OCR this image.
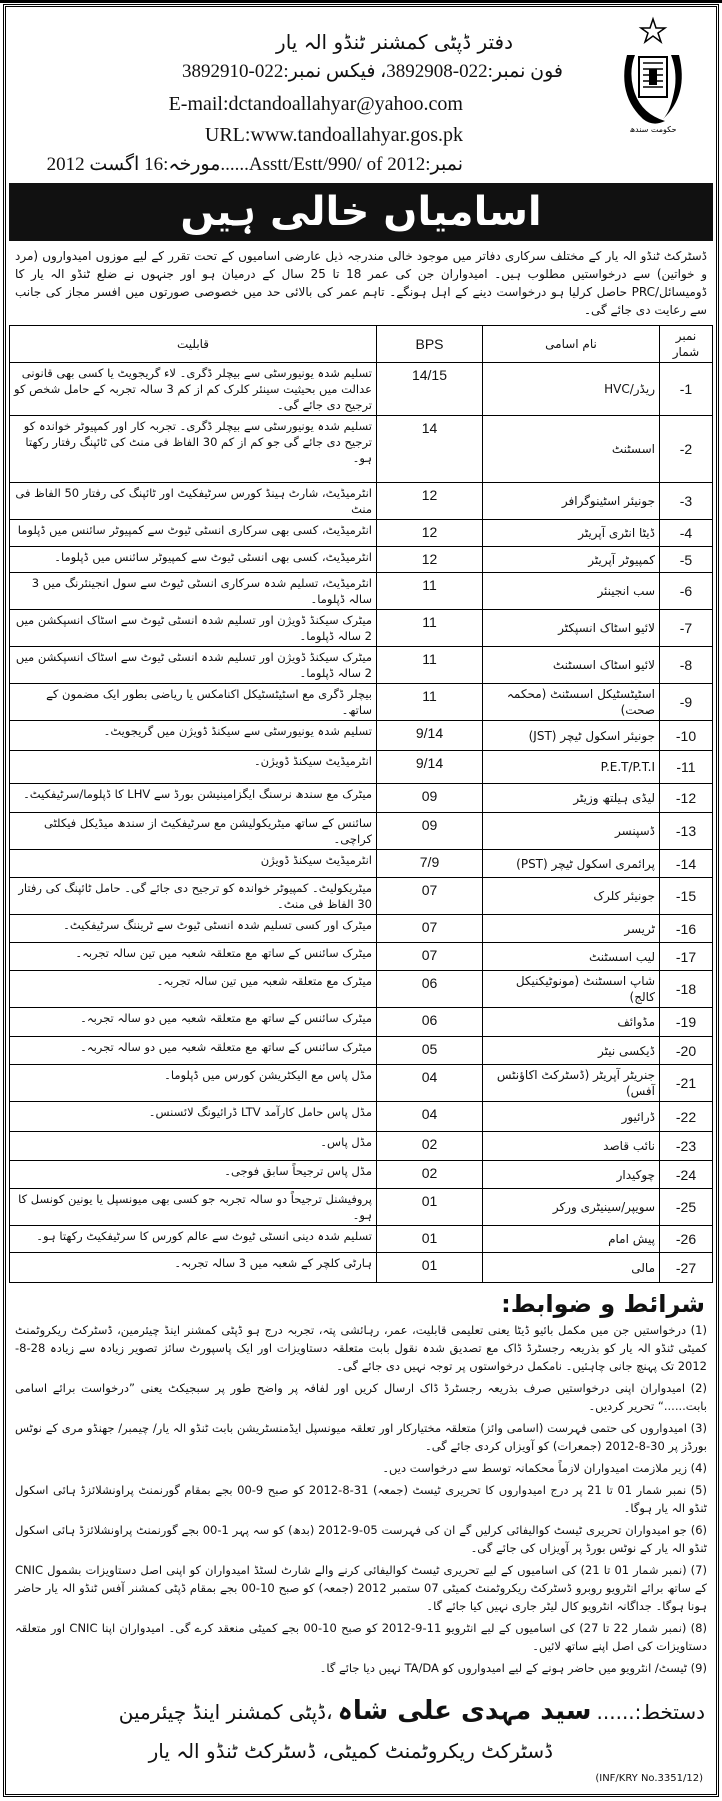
دفتر ڈپٹی کمشنر ٹنڈو الہ یار
فون نمبر:022-3892908، فیکس نمبر:022-3892910
E-mail:dctandoallahyar@yahoo.com
URL:www.tandoallahyar.gos.pk
نمبر:Asstt/Estt/990/ of 2012......مورخہ:16 اگست 2012
حکومت سندھ
اسامیاں خالی ہیں
ڈسٹرکٹ ٹنڈو الہ یار کے مختلف سرکاری دفاتر میں موجود خالی مندرجہ ذیل عارضی اسامیوں کے تحت تقرر کے لیے موزوں امیدواروں (مرد و خواتین) سے درخواستیں مطلوب ہیں۔ امیدواران جن کی عمر 18 تا 25 سال کے درمیان ہو اور جنہوں نے ضلع ٹنڈو الہ یار کا ڈومیسائل/PRC حاصل کرلیا ہو درخواست دینے کے اہل ہونگے۔ تاہم عمر کی بالائی حد میں خصوصی صورتوں میں افسر مجاز کی جانب سے رعایت دی جائے گی۔
نمبر شمار	نام اسامی	BPS	قابلیت
-1	ریڈر/HVC	14/15	تسلیم شدہ یونیورسٹی سے بیچلر ڈگری۔ لاء گریجویٹ یا کسی بھی قانونی عدالت میں بحیثیت سینئر کلرک کم از کم 3 سالہ تجربہ کے حامل شخص کو ترجیح دی جائے گی۔
-2	اسسٹنٹ	14	تسلیم شدہ یونیورسٹی سے بیچلر ڈگری۔ تجربہ کار اور کمپیوٹر خواندہ کو ترجیح دی جائے گی جو کم از کم 30 الفاظ فی منٹ کی ٹائپنگ رفتار رکھتا ہو۔
-3	جونیئر اسٹینوگرافر	12	انٹرمیڈیٹ، شارٹ ہینڈ کورس سرٹیفکیٹ اور ٹائپنگ کی رفتار 50 الفاظ فی منٹ
-4	ڈیٹا انٹری آپریٹر	12	انٹرمیڈیٹ، کسی بھی سرکاری انسٹی ٹیوٹ سے کمپیوٹر سائنس میں ڈپلوما
-5	کمپیوٹر آپریٹر	12	انٹرمیڈیٹ، کسی بھی انسٹی ٹیوٹ سے کمپیوٹر سائنس میں ڈپلوما۔
-6	سب انجینئر	11	انٹرمیڈیٹ، تسلیم شدہ سرکاری انسٹی ٹیوٹ سے سول انجینئرنگ میں 3 سالہ ڈپلوما۔
-7	لائیو اسٹاک انسپکٹر	11	میٹرک سیکنڈ ڈویژن اور تسلیم شدہ انسٹی ٹیوٹ سے اسٹاک انسپکشن میں 2 سالہ ڈپلوما۔
-8	لائیو اسٹاک اسسٹنٹ	11	میٹرک سیکنڈ ڈویژن اور تسلیم شدہ انسٹی ٹیوٹ سے اسٹاک انسپکشن میں 2 سالہ ڈپلوما۔
-9	اسٹیٹسٹیکل اسسٹنٹ (محکمہ صحت)	11	بیچلر ڈگری مع اسٹیٹسٹیکل اکنامکس یا ریاضی بطور ایک مضمون کے ساتھ۔
-10	جونیئر اسکول ٹیچر (JST)	9/14	تسلیم شدہ یونیورسٹی سے سیکنڈ ڈویژن میں گریجویٹ۔
-11	P.E.T/P.T.I	9/14	انٹرمیڈیٹ سیکنڈ ڈویژن۔
-12	لیڈی ہیلتھ وزیٹر	09	میٹرک مع سندھ نرسنگ ایگزامینیشن بورڈ سے LHV کا ڈپلوما/سرٹیفکیٹ۔
-13	ڈسپنسر	09	سائنس کے ساتھ میٹریکولیشن مع سرٹیفکیٹ از سندھ میڈیکل فیکلٹی کراچی۔
-14	پرائمری اسکول ٹیچر (PST)	7/9	انٹرمیڈیٹ سیکنڈ ڈویژن
-15	جونیئر کلرک	07	میٹریکولیٹ۔ کمپیوٹر خواندہ کو ترجیح دی جائے گی۔ حامل ٹائپنگ کی رفتار 30 الفاظ فی منٹ۔
-16	ٹریسر	07	میٹرک اور کسی تسلیم شدہ انسٹی ٹیوٹ سے ٹریننگ سرٹیفکیٹ۔
-17	لیب اسسٹنٹ	07	میٹرک سائنس کے ساتھ مع متعلقہ شعبہ میں تین سالہ تجربہ۔
-18	شاپ اسسٹنٹ (مونوٹیکنیکل کالج)	06	میٹرک مع متعلقہ شعبہ میں تین سالہ تجربہ۔
-19	مڈوائف	06	میٹرک سائنس کے ساتھ مع متعلقہ شعبہ میں دو سالہ تجربہ۔
-20	ڈیکسی نیٹر	05	میٹرک سائنس کے ساتھ مع متعلقہ شعبہ میں دو سالہ تجربہ۔
-21	جنریٹر آپریٹر (ڈسٹرکٹ اکاؤنٹس آفس)	04	مڈل پاس مع الیکٹریشن کورس میں ڈپلوما۔
-22	ڈرائیور	04	مڈل پاس حامل کارآمد LTV ڈرائیونگ لائسنس۔
-23	نائب قاصد	02	مڈل پاس۔
-24	چوکیدار	02	مڈل پاس ترجیحاً سابق فوجی۔
-25	سویپر/سینیٹری ورکر	01	پروفیشنل ترجیحاً دو سالہ تجربہ جو کسی بھی میونسپل یا یونین کونسل کا ہو۔
-26	پیش امام	01	تسلیم شدہ دینی انسٹی ٹیوٹ سے عالم کورس کا سرٹیفکیٹ رکھتا ہو۔
-27	مالی	01	ہارٹی کلچر کے شعبہ میں 3 سالہ تجربہ۔
شرائط و ضوابط:

(1) درخواستیں جن میں مکمل بائیو ڈیٹا یعنی تعلیمی قابلیت، عمر، رہائشی پتہ، تجربہ درج ہو ڈپٹی کمشنر اینڈ چیئرمین، ڈسٹرکٹ ریکروٹمنٹ کمیٹی ٹنڈو الہ یار کو بذریعہ رجسٹرڈ ڈاک مع تصدیق شدہ نقول بابت متعلقہ دستاویزات اور ایک پاسپورٹ سائز تصویر زیادہ سے زیادہ 28-8-2012 تک پہنچ جانی چاہئیں۔ نامکمل درخواستوں پر توجہ نہیں دی جائے گی۔

(2) امیدواران اپنی درخواستیں صرف بذریعہ رجسٹرڈ ڈاک ارسال کریں اور لفافہ پر واضح طور پر سبجیکٹ یعنی ”درخواست برائے اسامی بابت......“ تحریر کردیں۔

(3) امیدواروں کی حتمی فہرست (اسامی وائز) متعلقہ مختیارکار اور تعلقہ میونسپل ایڈمنسٹریشن بابت ٹنڈو الہ یار/ چیمبر/ جھنڈو مری کے نوٹس بورڈز پر 30-8-2012 (جمعرات) کو آویزاں کردی جائے گی۔

(4) زیر ملازمت امیدواران لازماً محکمانہ توسط سے درخواست دیں۔

(5) نمبر شمار 01 تا 21 پر درج امیدواروں کا تحریری ٹیسٹ (جمعہ) 31-8-2012 کو صبح 9-00 بجے بمقام گورنمنٹ پراونشلائزڈ ہائی اسکول ٹنڈو الہ یار ہوگا۔

(6) جو امیدواران تحریری ٹیسٹ کوالیفائی کرلیں گے ان کی فہرست 05-9-2012 (بدھ) کو سہ پہر 1-00 بجے گورنمنٹ پراونشلائزڈ ہائی اسکول ٹنڈو الہ یار کے نوٹس بورڈ پر آویزاں کی جائے گی۔

(7) (نمبر شمار 01 تا 21) کی اسامیوں کے لیے تحریری ٹیسٹ کوالیفائی کرنے والے شارٹ لسٹڈ امیدواران کو اپنی اصل دستاویزات بشمول CNIC کے ساتھ برائے انٹرویو روبرو ڈسٹرکٹ ریکروٹمنٹ کمیٹی 07 ستمبر 2012 (جمعہ) کو صبح 10-00 بجے بمقام ڈپٹی کمشنر آفس ٹنڈو الہ یار حاضر ہونا ہوگا۔ جداگانہ انٹرویو کال لیٹر جاری نہیں کیا جائے گا۔

(8) (نمبر شمار 22 تا 27) کی اسامیوں کے لیے انٹرویو 11-9-2012 کو صبح 10-00 بجے کمیٹی منعقد کرے گی۔ امیدواران اپنا CNIC اور متعلقہ دستاویزات کی اصل اپنے ساتھ لائیں۔

(9) ٹیسٹ/ انٹرویو میں حاضر ہونے کے لیے امیدواروں کو TA/DA نہیں دیا جائے گا۔

دستخط:...... سید مہدی علی شاہ ،ڈپٹی کمشنر اینڈ چیئرمین
ڈسٹرکٹ ریکروٹمنٹ کمیٹی، ڈسٹرکٹ ٹنڈو الہ یار
(INF/KRY No.3351/12)
